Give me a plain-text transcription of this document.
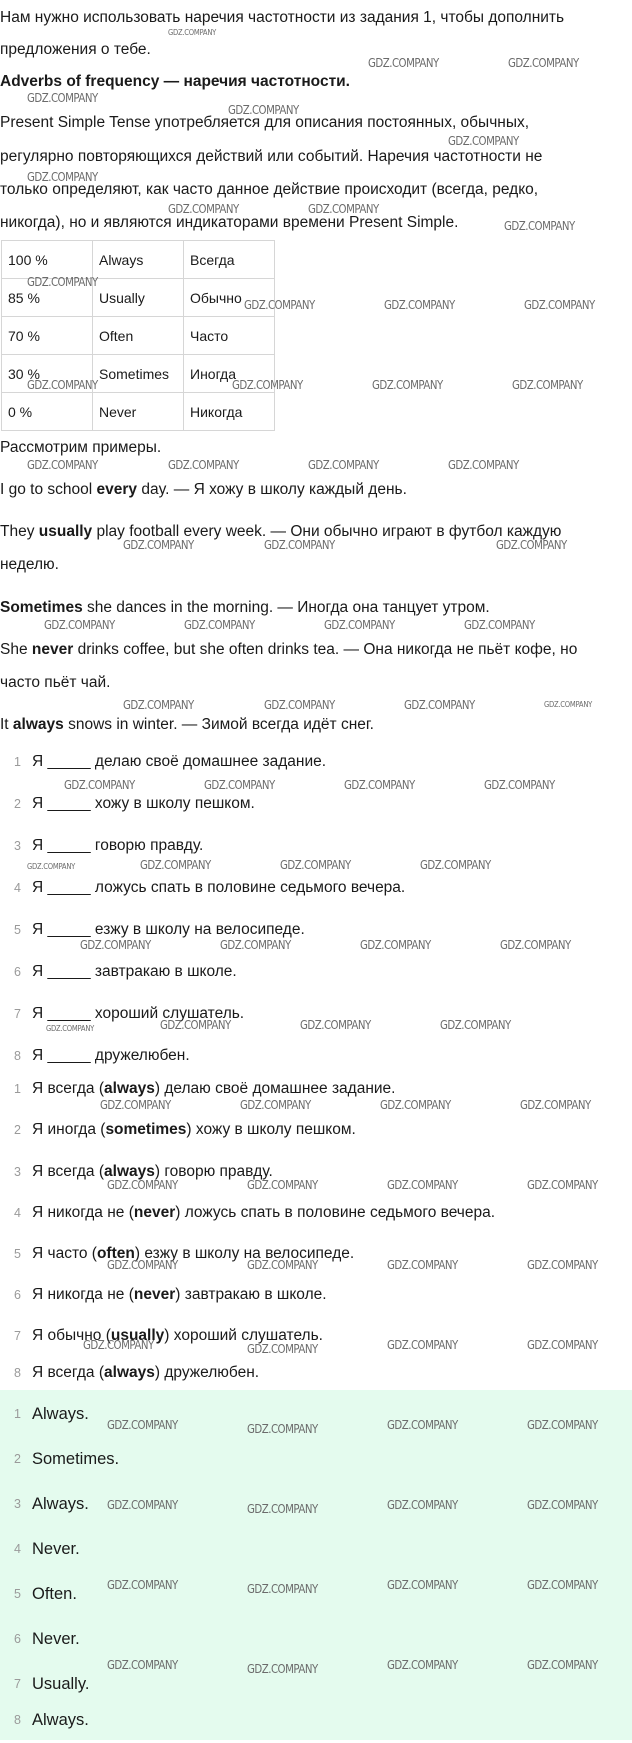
Нам нужно использовать наречия частотности из задания 1, чтобы дополнить
предложения о тебе.
Adverbs of frequency — наречия частотности.
Present Simple Tense употребляется для описания постоянных, обычных,
регулярно повторяющихся действий или событий. Наречия частотности не
только определяют, как часто данное действие происходит (всегда, редко,
никогда), но и являются индикаторами времени Present Simple.
100 %	Always	Всегда
85 %	Usually	Обычно
70 %	Often	Часто
30 %	Sometimes	Иногда
0 %	Never	Никогда
Рассмотрим примеры.
I go to school every day. — Я хожу в школу каждый день.
They usually play football every week. — Они обычно играют в футбол каждую
неделю.
Sometimes she dances in the morning. — Иногда она танцует утром.
She never drinks coffee, but she often drinks tea. — Она никогда не пьёт кофе, но
часто пьёт чай.
It always snows in winter. — Зимой всегда идёт снег.
1 Я _____ делаю своё домашнее задание.
2 Я _____ хожу в школу пешком.
3 Я _____ говорю правду.
4 Я _____ ложусь спать в половине седьмого вечера.
5 Я _____ езжу в школу на велосипеде.
6 Я _____ завтракаю в школе.
7 Я _____ хороший слушатель.
8 Я _____ дружелюбен.
1 Я всегда (always) делаю своё домашнее задание.
2 Я иногда (sometimes) хожу в школу пешком.
3 Я всегда (always) говорю правду.
4 Я никогда не (never) ложусь спать в половине седьмого вечера.
5 Я часто (often) езжу в школу на велосипеде.
6 Я никогда не (never) завтракаю в школе.
7 Я обычно (usually) хороший слушатель.
8 Я всегда (always) дружелюбен.
1 Always.
2 Sometimes.
3 Always.
4 Never.
5 Often.
6 Never.
7 Usually.
8 Always.
GDZ.COMPANY
GDZ.COMPANY	GDZ.COMPANY
GDZ.COMPANY
GDZ.COMPANY
GDZ.COMPANY
GDZ.COMPANY
GDZ.COMPANY	GDZ.COMPANY
GDZ.COMPANY
GDZ.COMPANY
GDZ.COMPANY	GDZ.COMPANY	GDZ.COMPANY
GDZ.COMPANY	GDZ.COMPANY	GDZ.COMPANY	GDZ.COMPANY
GDZ.COMPANY	GDZ.COMPANY	GDZ.COMPANY	GDZ.COMPANY
GDZ.COMPANY	GDZ.COMPANY	GDZ.COMPANY
GDZ.COMPANY	GDZ.COMPANY	GDZ.COMPANY	GDZ.COMPANY
GDZ.COMPANY	GDZ.COMPANY	GDZ.COMPANY	GDZ.COMPANY
GDZ.COMPANY	GDZ.COMPANY	GDZ.COMPANY	GDZ.COMPANY
GDZ.COMPANY	GDZ.COMPANY	GDZ.COMPANY	GDZ.COMPANY
GDZ.COMPANY	GDZ.COMPANY	GDZ.COMPANY	GDZ.COMPANY
GDZ.COMPANY	GDZ.COMPANY	GDZ.COMPANY	GDZ.COMPANY
GDZ.COMPANY	GDZ.COMPANY	GDZ.COMPANY	GDZ.COMPANY
GDZ.COMPANY	GDZ.COMPANY	GDZ.COMPANY	GDZ.COMPANY
GDZ.COMPANY	GDZ.COMPANY	GDZ.COMPANY	GDZ.COMPANY
GDZ.COMPANY	GDZ.COMPANY	GDZ.COMPANY	GDZ.COMPANY
GDZ.COMPANY	GDZ.COMPANY	GDZ.COMPANY	GDZ.COMPANY
GDZ.COMPANY	GDZ.COMPANY	GDZ.COMPANY	GDZ.COMPANY
GDZ.COMPANY	GDZ.COMPANY	GDZ.COMPANY	GDZ.COMPANY
GDZ.COMPANY	GDZ.COMPANY	GDZ.COMPANY	GDZ.COMPANY
